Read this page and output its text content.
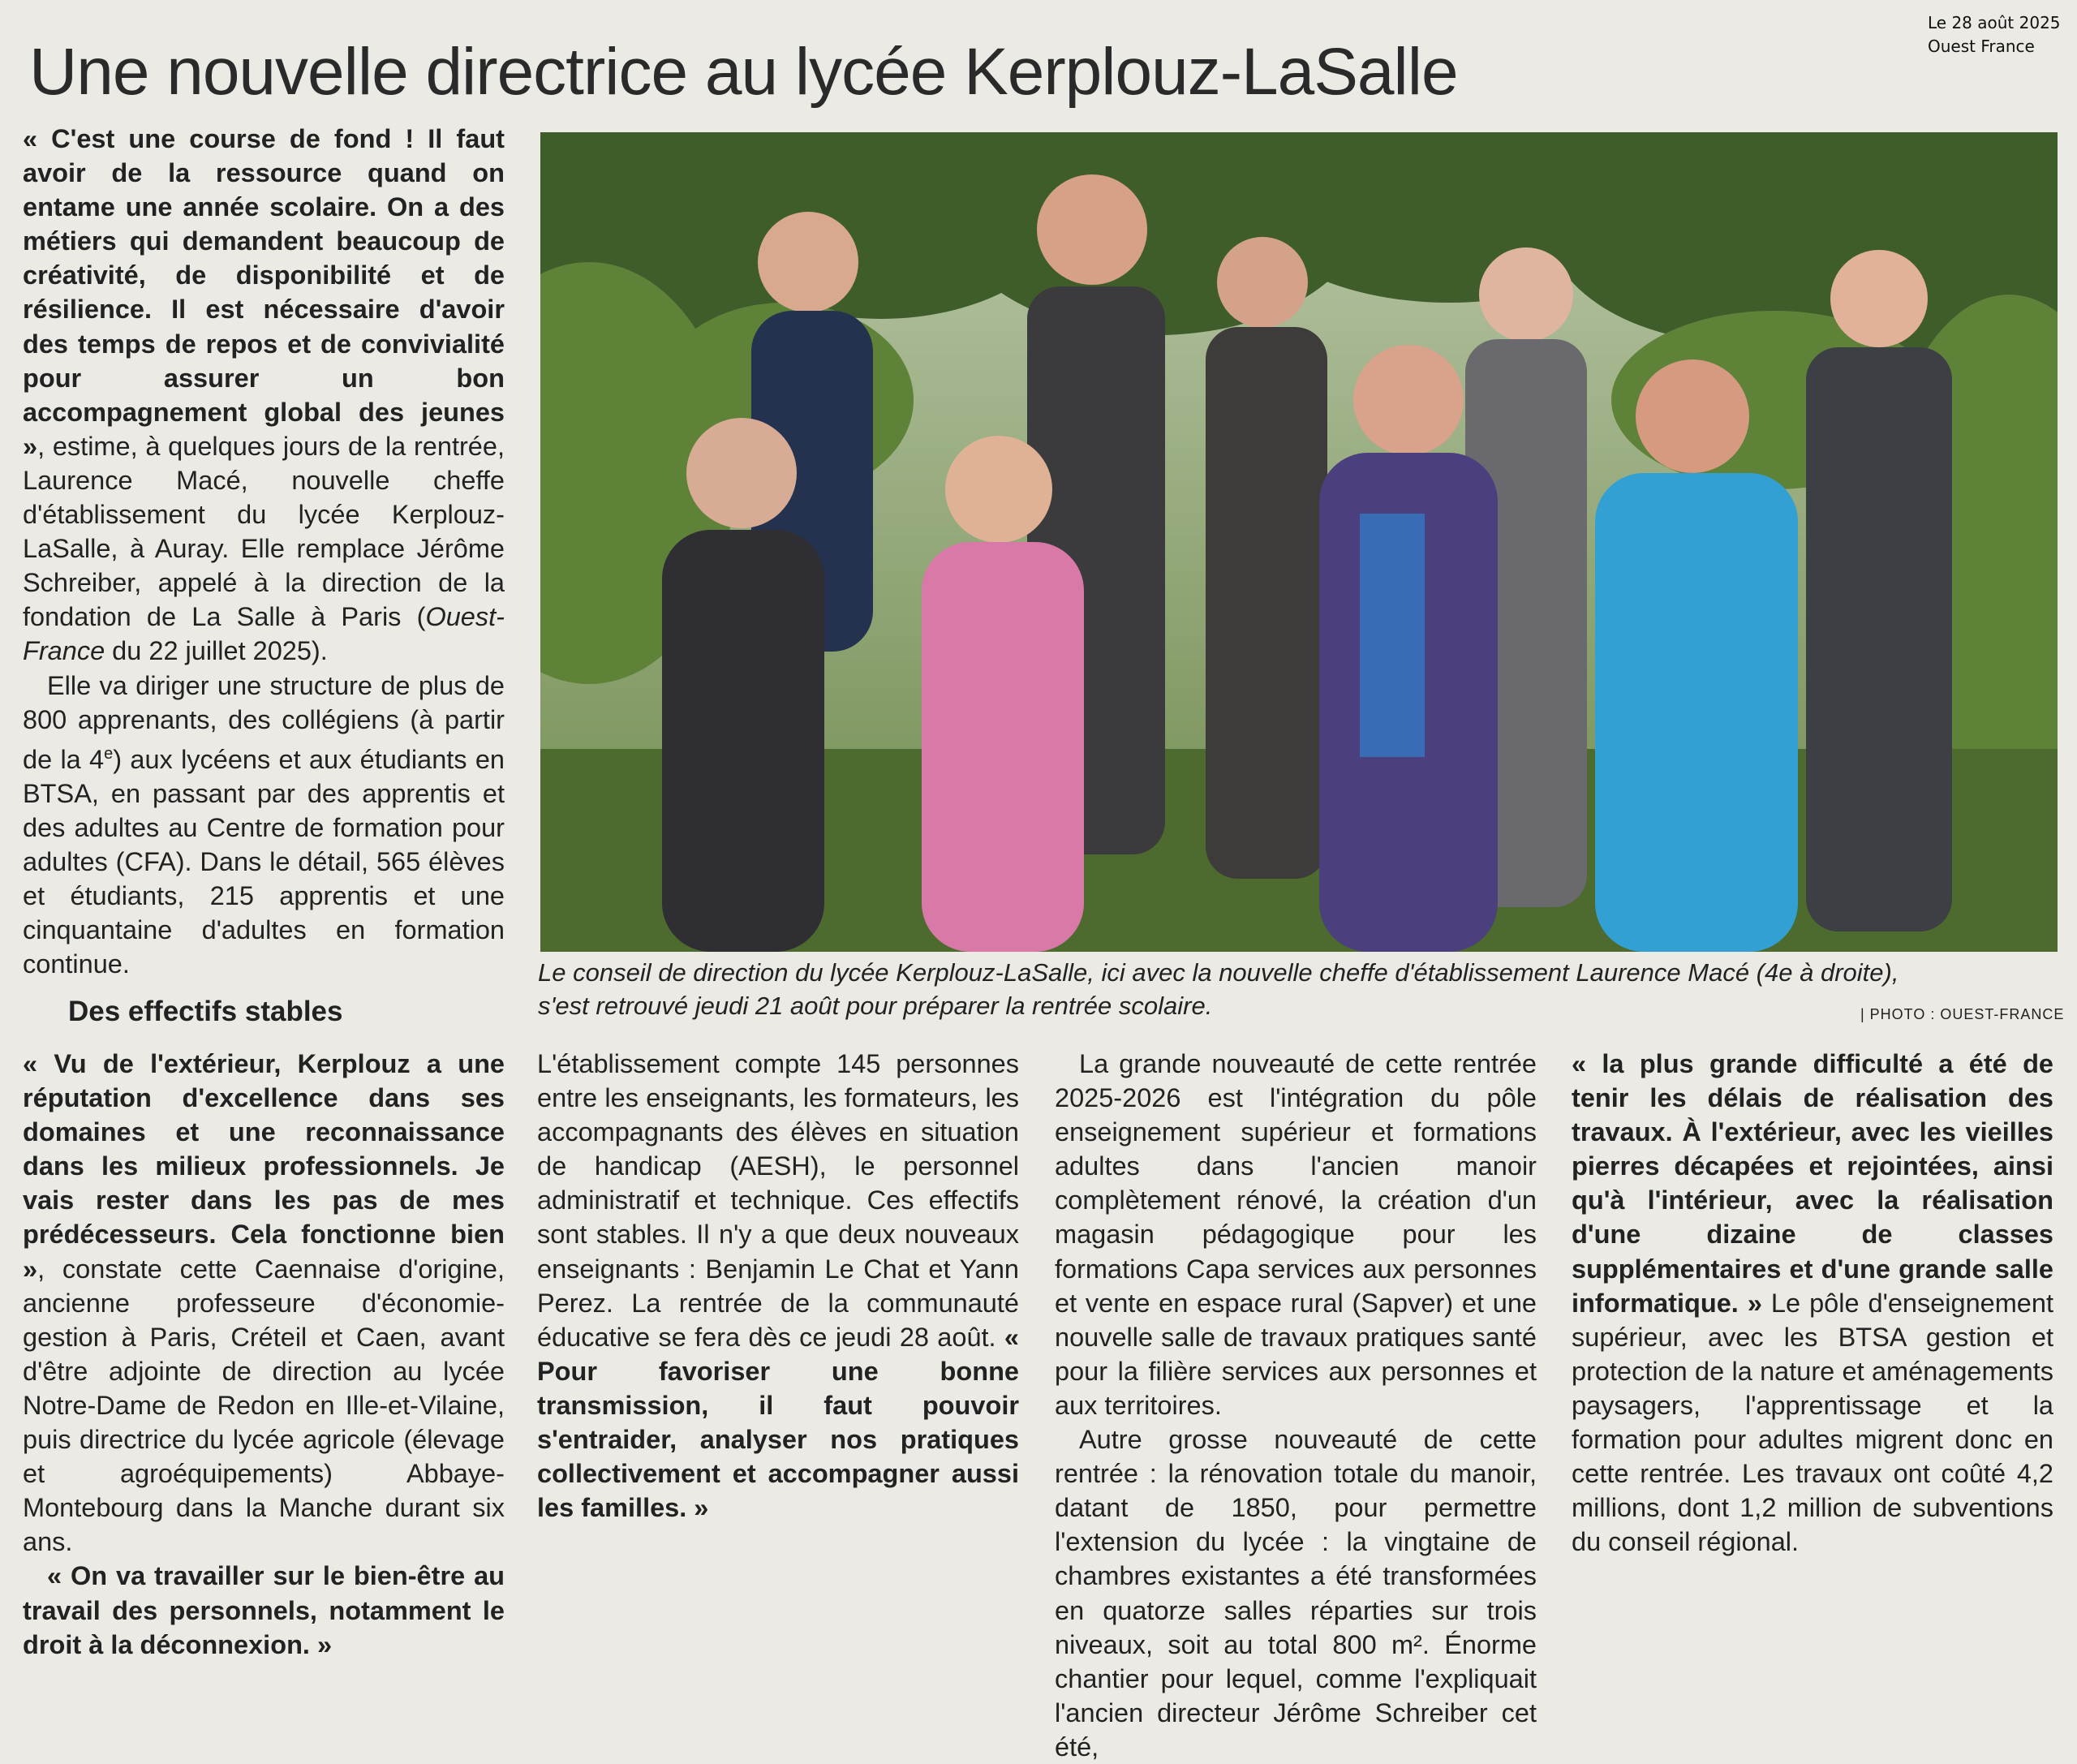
Le 28 août 2025
Ouest France
Une nouvelle directrice au lycée Kerplouz-LaSalle
Le conseil de direction du lycée Kerplouz-LaSalle, ici avec la nouvelle cheffe d'établissement Laurence Macé (4e à droite),
s'est retrouvé jeudi 21 août pour préparer la rentrée scolaire.	| PHOTO : OUEST-FRANCE

« C'est une course de fond ! Il faut avoir de la ressource quand on entame une année scolaire. On a des métiers qui demandent beaucoup de créativité, de disponibilité et de résilience. Il est nécessaire d'avoir des temps de repos et de convivialité pour assurer un bon accompagnement global des jeunes », estime, à quelques jours de la rentrée, Laurence Macé, nouvelle cheffe d'établissement du lycée Kerplouz-LaSalle, à Auray. Elle remplace Jérôme Schreiber, appelé à la direction de la fondation de La Salle à Paris (Ouest-France du 22 juillet 2025).

Elle va diriger une structure de plus de 800 apprenants, des collégiens (à partir de la 4e) aux lycéens et aux étudiants en BTSA, en passant par des apprentis et des adultes au Centre de formation pour adultes (CFA). Dans le détail, 565 élèves et étudiants, 215 apprentis et une cinquantaine d'adultes en formation continue.

Des effectifs stables

« Vu de l'extérieur, Kerplouz a une réputation d'excellence dans ses domaines et une reconnaissance dans les milieux professionnels. Je vais rester dans les pas de mes prédécesseurs. Cela fonctionne bien », constate cette Caennaise d'origine, ancienne professeure d'économie-gestion à Paris, Créteil et Caen, avant d'être adjointe de direction au lycée Notre-Dame de Redon en Ille-et-Vilaine, puis directrice du lycée agricole (élevage et agroéquipements) Abbaye-Montebourg dans la Manche durant six ans.

« On va travailler sur le bien-être au travail des personnels, notamment le droit à la déconnexion. »

L'établissement compte 145 personnes entre les enseignants, les formateurs, les accompagnants des élèves en situation de handicap (AESH), le personnel administratif et technique. Ces effectifs sont stables. Il n'y a que deux nouveaux enseignants : Benjamin Le Chat et Yann Perez. La rentrée de la communauté éducative se fera dès ce jeudi 28 août. « Pour favoriser une bonne transmission, il faut pouvoir s'entraider, analyser nos pratiques collectivement et accompagner aussi les familles. »

La grande nouveauté de cette rentrée 2025-2026 est l'intégration du pôle enseignement supérieur et formations adultes dans l'ancien manoir complètement rénové, la création d'un magasin pédagogique pour les formations Capa services aux personnes et vente en espace rural (Sapver) et une nouvelle salle de travaux pratiques santé pour la filière services aux personnes et aux territoires.

Autre grosse nouveauté de cette rentrée : la rénovation totale du manoir, datant de 1850, pour permettre l'extension du lycée : la vingtaine de chambres existantes a été transformées en quatorze salles réparties sur trois niveaux, soit au total 800 m². Énorme chantier pour lequel, comme l'expliquait l'ancien directeur Jérôme Schreiber cet été,

« la plus grande difficulté a été de tenir les délais de réalisation des travaux. À l'extérieur, avec les vieilles pierres décapées et rejointées, ainsi qu'à l'intérieur, avec la réalisation d'une dizaine de classes supplémentaires et d'une grande salle informatique. » Le pôle d'enseignement supérieur, avec les BTSA gestion et protection de la nature et aménagements paysagers, l'apprentissage et la formation pour adultes migrent donc en cette rentrée. Les travaux ont coûté 4,2 millions, dont 1,2 million de subventions du conseil régional.
